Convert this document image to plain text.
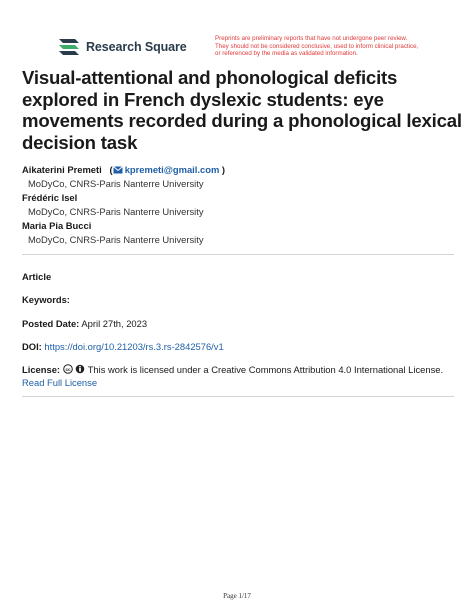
Research Square
Preprints are preliminary reports that have not undergone peer review.
They should not be considered conclusive, used to inform clinical practice,
or referenced by the media as validated information.
Visual-attentional and phonological deficits explored in French dyslexic students: eye movements recorded during a phonological lexical decision task
Aikaterini Premeti   ( kpremeti@gmail.com )
MoDyCo, CNRS-Paris Nanterre University
Frédéric Isel
MoDyCo, CNRS-Paris Nanterre University
Maria Pia Bucci
MoDyCo, CNRS-Paris Nanterre University
Article
Keywords:
Posted Date: April 27th, 2023
DOI: https://doi.org/10.21203/rs.3.rs-2842576/v1
License: cc This work is licensed under a Creative Commons Attribution 4.0 International License.
Read Full License
Page 1/17
